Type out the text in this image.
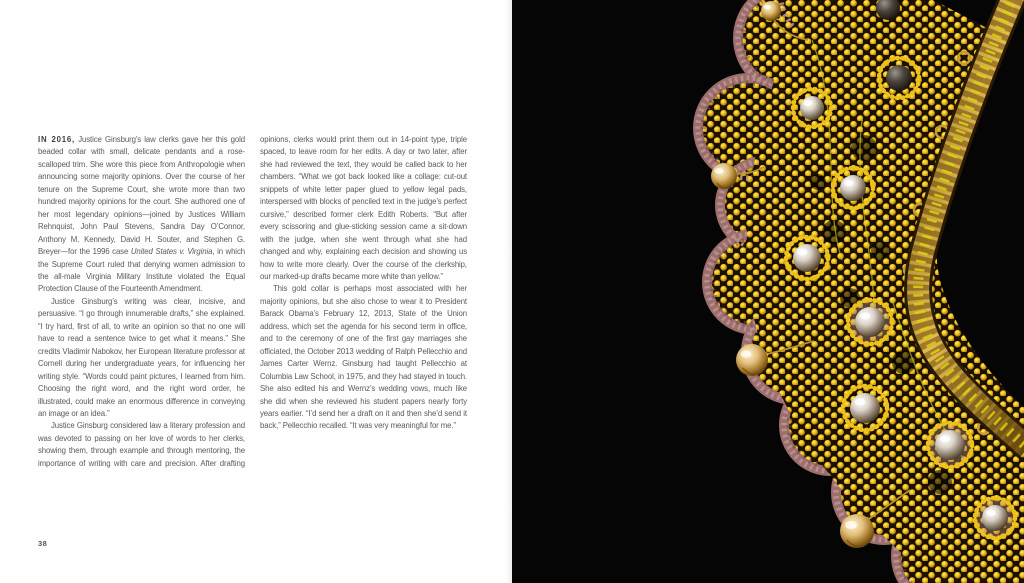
IN 2016, Justice Ginsburg’s law clerks gave her this gold beaded collar with small, delicate pendants and a rose-scalloped trim. She wore this piece from Anthropologie when announcing some majority opinions. Over the course of her tenure on the Supreme Court, she wrote more than two hundred majority opinions for the court. She authored one of her most legendary opinions—joined by Justices William Rehnquist, John Paul Stevens, Sandra Day O’Connor, Anthony M. Kennedy, David H. Souter, and Stephen G. Breyer—for the 1996 case United States v. Virginia, in which the Supreme Court ruled that denying women admission to the all-male Virginia Military Institute violated the Equal Protection Clause of the Fourteenth Amendment.

Justice Ginsburg’s writing was clear, incisive, and persuasive. “I go through innumerable drafts,” she explained. “I try hard, first of all, to write an opinion so that no one will have to read a sentence twice to get what it means.” She credits Vladimir Nabokov, her European literature professor at Cornell during her undergraduate years, for influencing her writing style. “Words could paint pictures, I learned from him. Choosing the right word, and the right word order, he illustrated, could make an enormous difference in conveying an image or an idea.”

Justice Ginsburg considered law a literary profession and was devoted to passing on her love of words to her clerks, showing them, through example and through mentoring, the importance of writing with care and precision. After drafting opinions, clerks would print them out in 14-point type, triple spaced, to leave room for her edits. A day or two later, after she had reviewed the text, they would be called back to her chambers. “What we got back looked like a collage: cut-out snippets of white letter paper glued to yellow legal pads, interspersed with blocks of penciled text in the judge’s perfect cursive,” described former clerk Edith Roberts. “But after every scissoring and glue-sticking session came a sit-down with the judge, when she went through what she had changed and why, explaining each decision and showing us how to write more clearly. Over the course of the clerkship, our marked-up drafts became more white than yellow.”

This gold collar is perhaps most associated with her majority opinions, but she also chose to wear it to President Barack Obama’s February 12, 2013, State of the Union address, which set the agenda for his second term in office, and to the ceremony of one of the first gay marriages she officiated, the October 2013 wedding of Ralph Pellecchio and James Carter Wernz. Ginsburg had taught Pellecchio at Columbia Law School, in 1975, and they had stayed in touch. She also edited his and Wernz’s wedding vows, much like she did when she reviewed his student papers nearly forty years earlier. “I’d send her a draft on it and then she’d send it back,” Pellecchio recalled. “It was very meaningful for me.”

38
